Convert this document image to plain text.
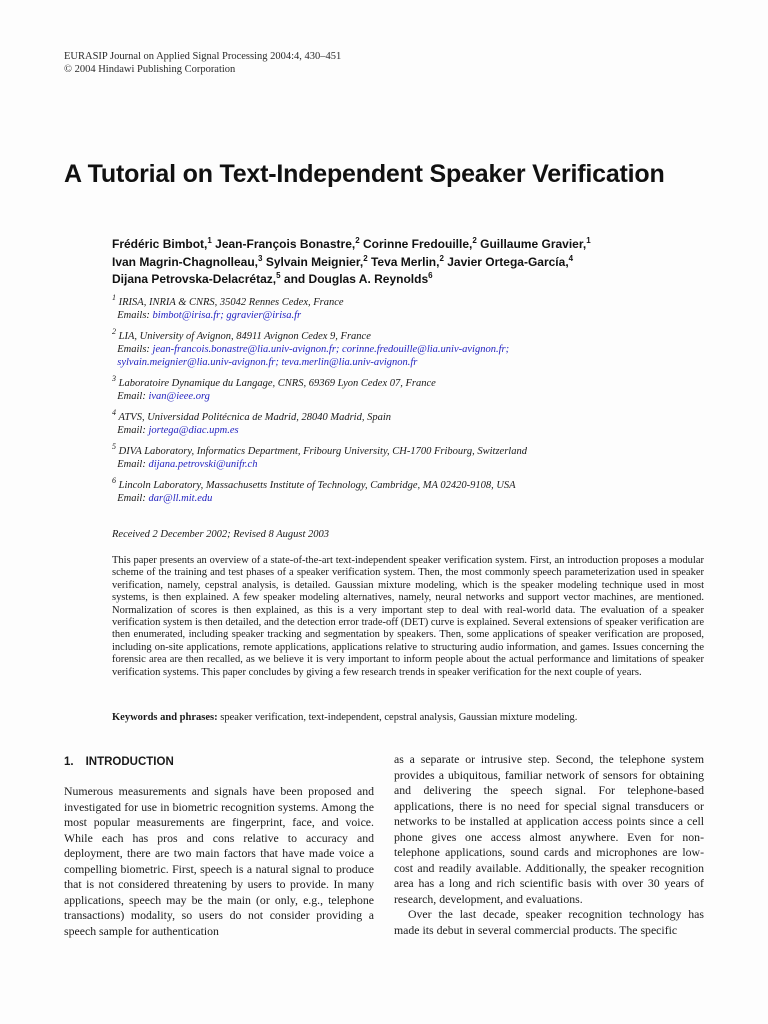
EURASIP Journal on Applied Signal Processing 2004:4, 430–451
© 2004 Hindawi Publishing Corporation
A Tutorial on Text-Independent Speaker Verification
Frédéric Bimbot,$^1$ Jean-François Bonastre,$^2$ Corinne Fredouille,$^2$ Guillaume Gravier,$^1$
Ivan Magrin-Chagnolleau,$^3$ Sylvain Meignier,$^2$ Teva Merlin,$^2$ Javier Ortega-García,$^4$
Dijana Petrovska-Delacrétaz,$^5$ and Douglas A. Reynolds$^6$
$^1$ IRISA, INRIA & CNRS, 35042 Rennes Cedex, France
Emails: bimbot@irisa.fr; ggravier@irisa.fr
$^2$ LIA, University of Avignon, 84911 Avignon Cedex 9, France
Emails: jean-francois.bonastre@lia.univ-avignon.fr; corinne.fredouille@lia.univ-avignon.fr;
sylvain.meignier@lia.univ-avignon.fr; teva.merlin@lia.univ-avignon.fr
$^3$ Laboratoire Dynamique du Langage, CNRS, 69369 Lyon Cedex 07, France
Email: ivan@ieee.org
$^4$ ATVS, Universidad Politécnica de Madrid, 28040 Madrid, Spain
Email: jortega@diac.upm.es
$^5$ DIVA Laboratory, Informatics Department, Fribourg University, CH-1700 Fribourg, Switzerland
Email: dijana.petrovski@unifr.ch
$^6$ Lincoln Laboratory, Massachusetts Institute of Technology, Cambridge, MA 02420-9108, USA
Email: dar@ll.mit.edu
Received 2 December 2002; Revised 8 August 2003

This paper presents an overview of a state-of-the-art text-independent speaker verification system. First, an introduction proposes a modular scheme of the training and test phases of a speaker verification system. Then, the most commonly speech parameterization used in speaker verification, namely, cepstral analysis, is detailed. Gaussian mixture modeling, which is the speaker modeling technique used in most systems, is then explained. A few speaker modeling alternatives, namely, neural networks and support vector machines, are mentioned. Normalization of scores is then explained, as this is a very important step to deal with real-world data. The evaluation of a speaker verification system is then detailed, and the detection error trade-off (DET) curve is explained. Several extensions of speaker verification are then enumerated, including speaker tracking and segmentation by speakers. Then, some applications of speaker verification are proposed, including on-site applications, remote applications, applications relative to structuring audio information, and games. Issues concerning the forensic area are then recalled, as we believe it is very important to inform people about the actual performance and limitations of speaker verification systems. This paper concludes by giving a few research trends in speaker verification for the next couple of years.

Keywords and phrases: speaker verification, text-independent, cepstral analysis, Gaussian mixture modeling.
1. INTRODUCTION

Numerous measurements and signals have been proposed and investigated for use in biometric recognition systems. Among the most popular measurements are fingerprint, face, and voice. While each has pros and cons relative to accuracy and deployment, there are two main factors that have made voice a compelling biometric. First, speech is a natural signal to produce that is not considered threatening by users to provide. In many applications, speech may be the main (or only, e.g., telephone transactions) modality, so users do not consider providing a speech sample for authentication

as a separate or intrusive step. Second, the telephone system provides a ubiquitous, familiar network of sensors for obtaining and delivering the speech signal. For telephone-based applications, there is no need for special signal transducers or networks to be installed at application access points since a cell phone gives one access almost anywhere. Even for non-telephone applications, sound cards and microphones are low-cost and readily available. Additionally, the speaker recognition area has a long and rich scientific basis with over 30 years of research, development, and evaluations.

Over the last decade, speaker recognition technology has made its debut in several commercial products. The specific
